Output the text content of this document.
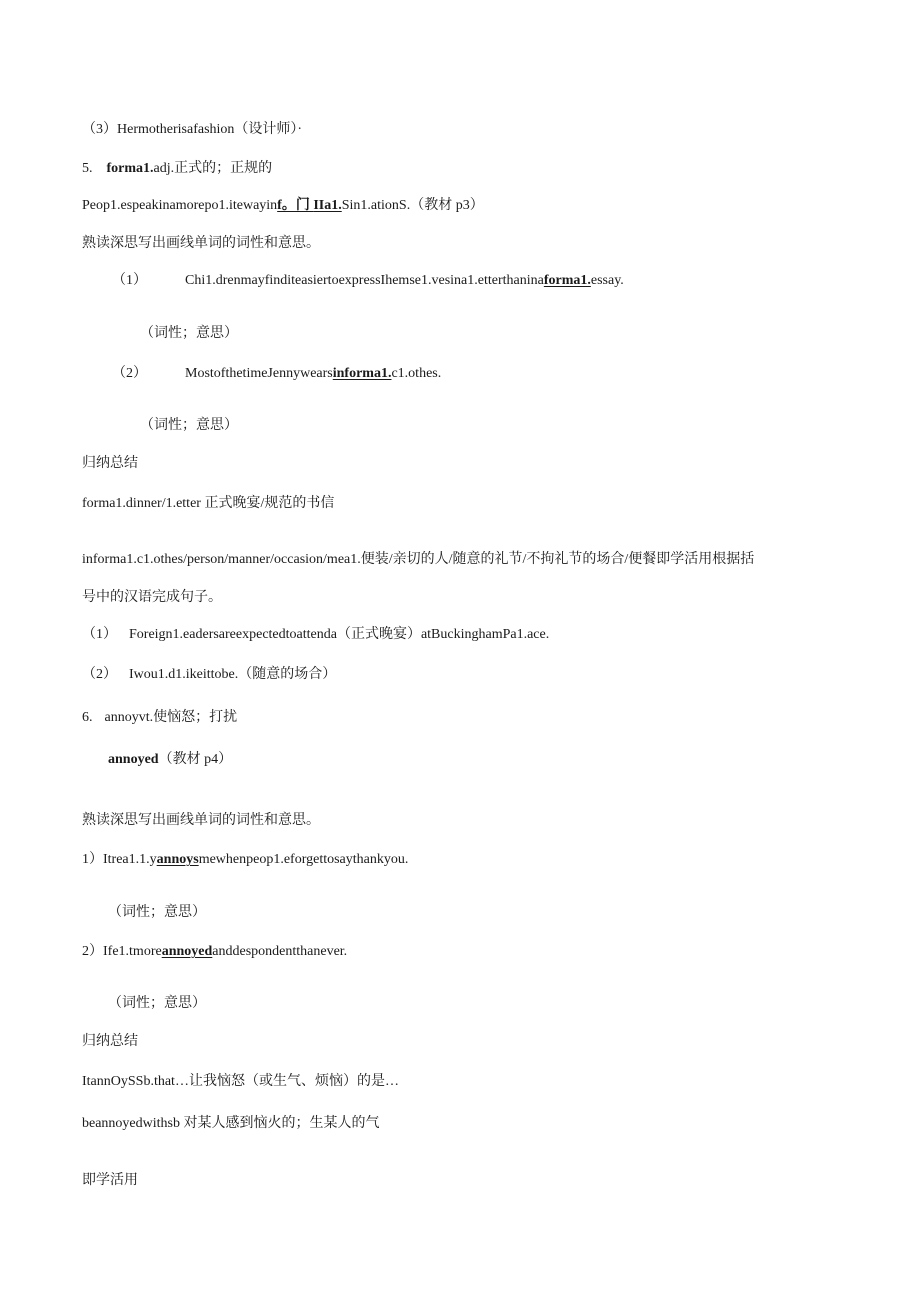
（3）Hermotherisafashion（设计师）·
5. forma1.adj.正式的；正规的
Peop1.espeakinamorepo1.itewayinf。门 IIa1.Sin1.ationS.（教材 p3）
熟读深思写出画线单词的词性和意思。
（1）	Chi1.drenmayfinditeasiertoexpressIhemse1.vesina1.etterthaninaforma1.essay.
（词性；意思）
（2）	MostofthetimeJennywearsinforma1.c1.othes.
（词性；意思）
归纳总结
forma1.dinner/1.etter 正式晚宴/规范的书信
informa1.c1.othes/person/manner/occasion/mea1.便装/亲切的人/随意的礼节/不拘礼节的场合/便餐即学活用根据括
号中的汉语完成句子。
（1） Foreign1.eadersareexpectedtoattenda（正式晚宴）atBuckinghamPa1.ace.
（2） Iwou1.d1.ikeittobe.（随意的场合）
6. annoyvt.使恼怒；打扰
annoyed（教材 p4）
熟读深思写出画线单词的词性和意思。
1）Itrea1.1.yannoysmewhenpeop1.eforgettosaythankyou.
（词性；意思）
2）Ife1.tmoreannoyedanddespondentthanever.
（词性；意思）
归纳总结
ItannOySSb.that…让我恼怒（或生气、烦恼）的是…
beannoyedwithsb 对某人感到恼火的；生某人的气
即学活用
